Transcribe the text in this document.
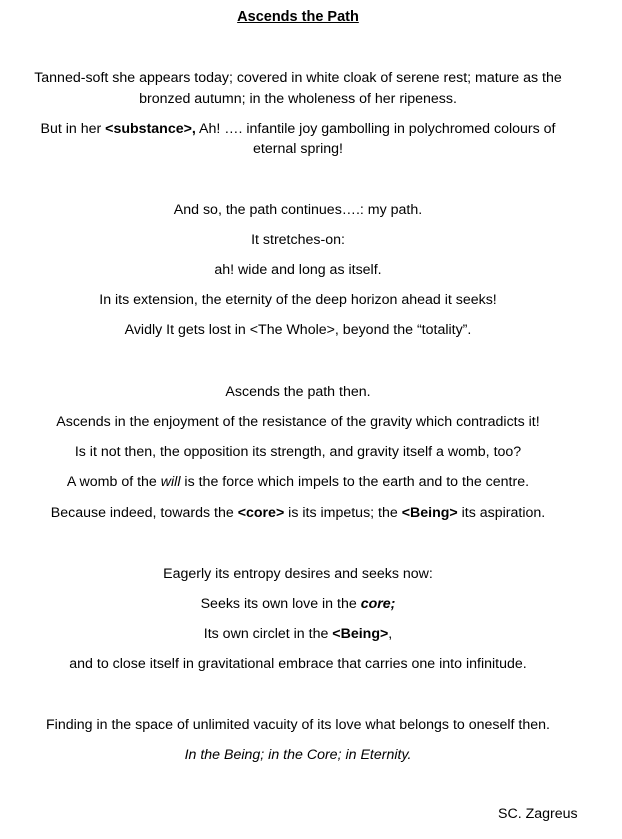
Ascends the Path
Tanned-soft she appears today; covered in white cloak of serene rest; mature as the
bronzed autumn; in the wholeness of her ripeness.
But in her <substance>, Ah! …. infantile joy gambolling in polychromed colours of
eternal spring!
And so, the path continues….: my path.
It stretches-on:
ah! wide and long as itself.
In its extension, the eternity of the deep horizon ahead it seeks!
Avidly It gets lost in <The Whole>, beyond the “totality”.
Ascends the path then.
Ascends in the enjoyment of the resistance of the gravity which contradicts it!
Is it not then, the opposition its strength, and gravity itself a womb, too?
A womb of the will is the force which impels to the earth and to the centre.
Because indeed, towards the <core> is its impetus; the <Being> its aspiration.
Eagerly its entropy desires and seeks now:
Seeks its own love in the core;
Its own circlet in the <Being>,
and to close itself in gravitational embrace that carries one into infinitude.
Finding in the space of unlimited vacuity of its love what belongs to oneself then.
In the Being; in the Core; in Eternity.
SC. Zagreus
